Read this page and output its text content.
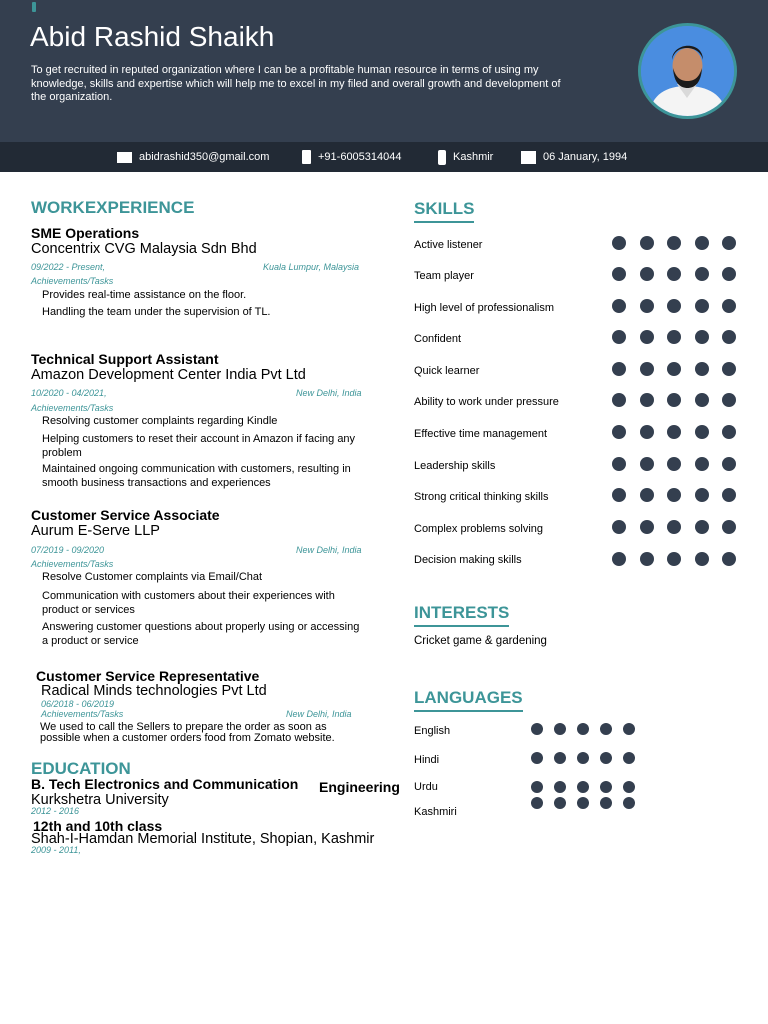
Abid Rashid Shaikh

To get recruited in reputed organization where I can be a profitable human resource in terms of using my knowledge, skills and expertise which will help me to excel in my filed and overall growth and development of the organization.

abidrashid350@gmail.com	+91-6005314044	Kashmir	06 January, 1994
WORKEXPERIENCE
SME Operations
Concentrix CVG Malaysia Sdn Bhd
09/2022 - Present,	Kuala Lumpur, Malaysia
Achievements/Tasks
Provides real-time assistance on the floor.
Handling the team under the supervision of TL.
Technical Support Assistant
Amazon Development Center India Pvt Ltd
10/2020 - 04/2021,	New Delhi, India
Achievements/Tasks
Resolving customer complaints regarding Kindle
Helping customers to reset their account in Amazon if facing any problem
Maintained ongoing communication with customers, resulting in smooth business transactions and experiences
Customer Service Associate
Aurum E-Serve LLP
07/2019 - 09/2020	New Delhi, India
Achievements/Tasks
Resolve Customer complaints via Email/Chat
Communication with customers about their experiences with product or services
Answering customer questions about properly using or accessing a product or service
Customer Service Representative
Radical Minds technologies Pvt Ltd
06/2018 - 06/2019
New Delhi, India
Achievements/Tasks
We used to call the Sellers to prepare the order as soon as possible when a customer orders food from Zomato website.
EDUCATION
B. Tech Electronics and Communication Engineering
Kurkshetra University
2012 - 2016
12th and 10th class
Shah-I-Hamdan Memorial Institute, Shopian, Kashmir
2009 - 2011,
SKILLS
Active listener
Team player
High level of professionalism
Confident
Quick learner
Ability to work under pressure
Effective time management
Leadership skills
Strong critical thinking skills
Complex problems solving
Decision making skills
INTERESTS
Cricket game & gardening
LANGUAGES
English
Hindi
Urdu
Kashmiri
